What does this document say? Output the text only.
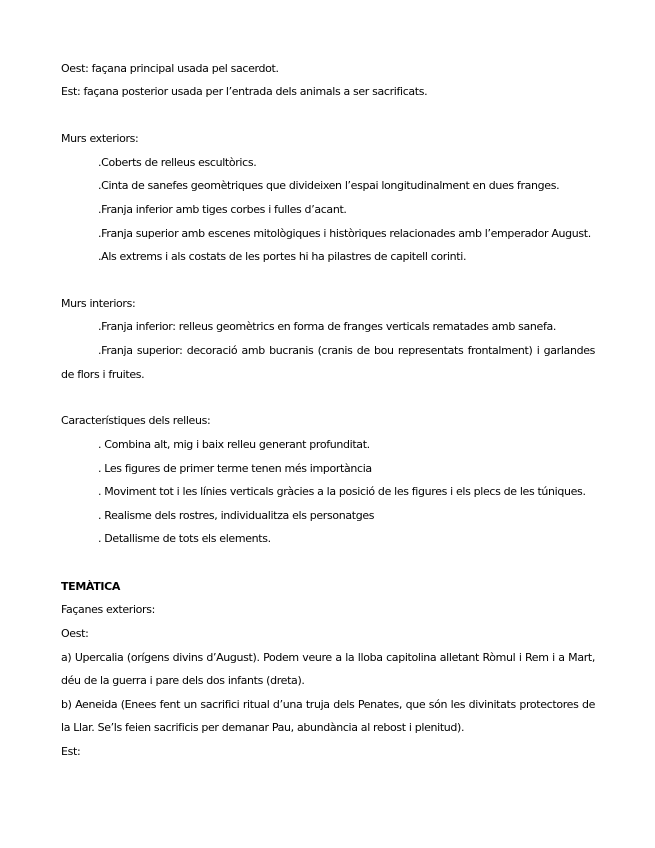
Oest: façana principal usada pel sacerdot.
Est: façana posterior usada per l’entrada dels animals a ser sacrificats.
Murs exteriors:
.Coberts de relleus escultòrics.
.Cinta de sanefes geomètriques que divideixen l’espai longitudinalment en dues franges.
.Franja inferior amb tiges corbes i fulles d’acant.
.Franja superior amb escenes mitològiques i històriques relacionades amb l’emperador August.
.Als extrems i als costats de les portes hi ha pilastres de capitell corinti.
Murs interiors:
.Franja inferior: relleus geomètrics en forma de franges verticals rematades amb sanefa.
.Franja superior: decoració amb bucranis (cranis de bou representats frontalment) i garlandes
de flors i fruites.
Característiques dels relleus:
. Combina alt, mig i baix relleu generant profunditat.
. Les figures de primer terme tenen més importància
. Moviment tot i les línies verticals gràcies a la posició de les figures i els plecs de les túniques.
. Realisme dels rostres, individualitza els personatges
. Detallisme de tots els elements.
TEMÀTICA
Façanes exteriors:
Oest:
a) Upercalia (orígens divins d’August). Podem veure a la lloba capitolina alletant Ròmul i Rem i a Mart,
déu de la guerra i pare dels dos infants (dreta).
b) Aeneida (Enees fent un sacrifici ritual d’una truja dels Penates, que són les divinitats protectores de
la Llar. Se’ls feien sacrificis per demanar Pau, abundància al rebost i plenitud).
Est:
